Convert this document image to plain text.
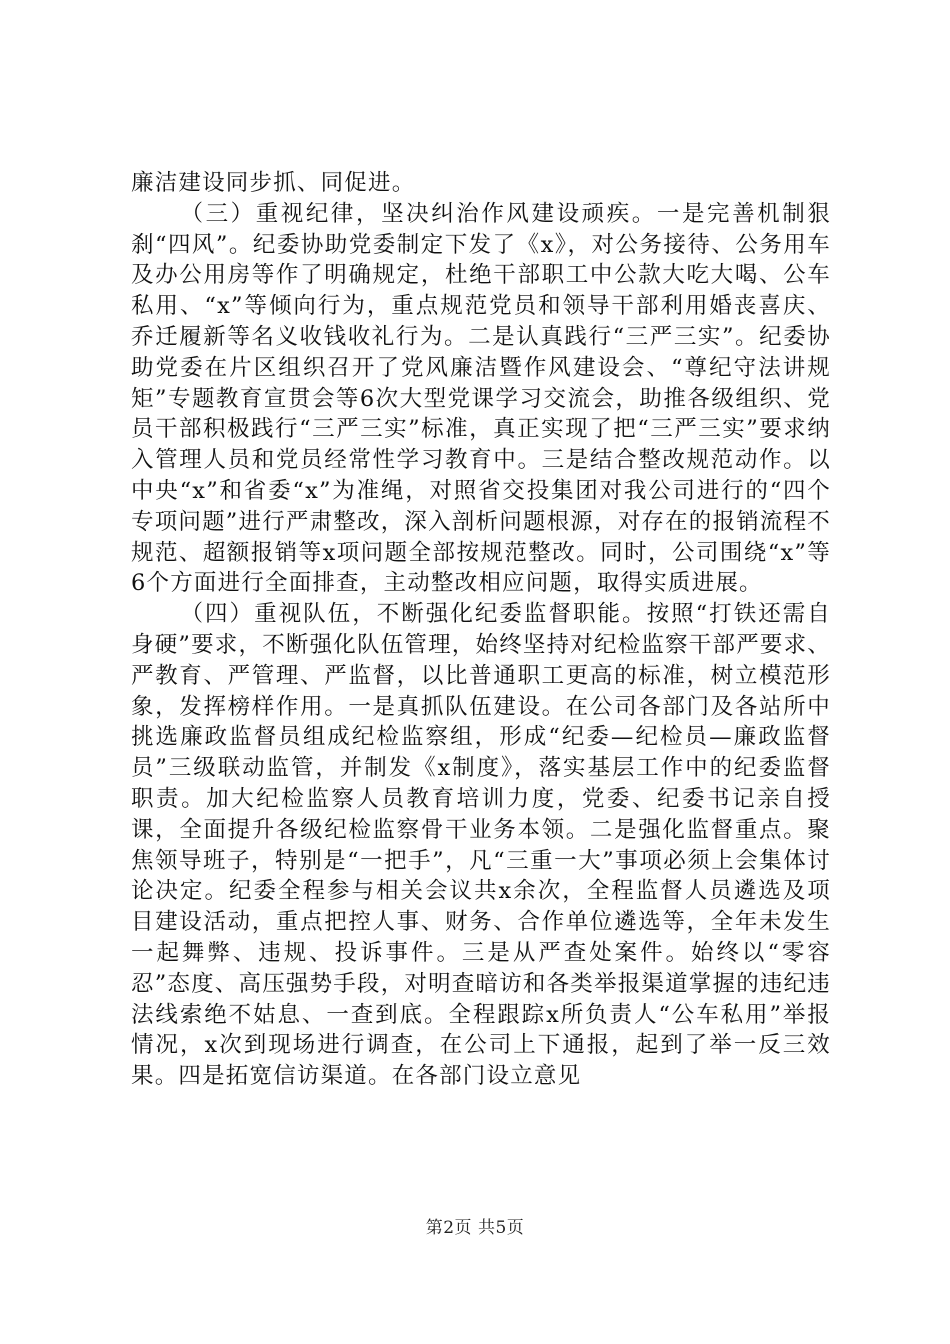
廉洁建设同步抓、同促进。

（三）重视纪律，坚决纠治作风建设顽疾。一是完善机制狠刹“四风”。纪委协助党委制定下发了《x》，对公务接待、公务用车及办公用房等作了明确规定，杜绝干部职工中公款大吃大喝、公车私用、“x”等倾向行为，重点规范党员和领导干部利用婚丧喜庆、乔迁履新等名义收钱收礼行为。二是认真践行“三严三实”。纪委协助党委在片区组织召开了党风廉洁暨作风建设会、“尊纪守法讲规矩”专题教育宣贯会等6次大型党课学习交流会，助推各级组织、党员干部积极践行“三严三实”标准，真正实现了把“三严三实”要求纳入管理人员和党员经常性学习教育中。三是结合整改规范动作。以中央“x”和省委“x”为准绳，对照省交投集团对我公司进行的“四个专项问题”进行严肃整改，深入剖析问题根源，对存在的报销流程不规范、超额报销等x项问题全部按规范整改。同时，公司围绕“x”等6个方面进行全面排查，主动整改相应问题，取得实质进展。

（四）重视队伍，不断强化纪委监督职能。按照“打铁还需自身硬”要求，不断强化队伍管理，始终坚持对纪检监察干部严要求、严教育、严管理、严监督，以比普通职工更高的标准，树立模范形象，发挥榜样作用。一是真抓队伍建设。在公司各部门及各站所中挑选廉政监督员组成纪检监察组，形成“纪委—纪检员—廉政监督员”三级联动监管，并制发《x制度》，落实基层工作中的纪委监督职责。加大纪检监察人员教育培训力度，党委、纪委书记亲自授课，全面提升各级纪检监察骨干业务本领。二是强化监督重点。聚焦领导班子，特别是“一把手”，凡“三重一大”事项必须上会集体讨论决定。纪委全程参与相关会议共x余次，全程监督人员遴选及项目建设活动，重点把控人事、财务、合作单位遴选等，全年未发生一起舞弊、违规、投诉事件。三是从严查处案件。始终以“零容忍”态度、高压强势手段，对明查暗访和各类举报渠道掌握的违纪违法线索绝不姑息、一查到底。全程跟踪x所负责人“公车私用”举报情况，x次到现场进行调查，在公司上下通报，起到了举一反三效果。四是拓宽信访渠道。在各部门设立意见

第2页 共5页
